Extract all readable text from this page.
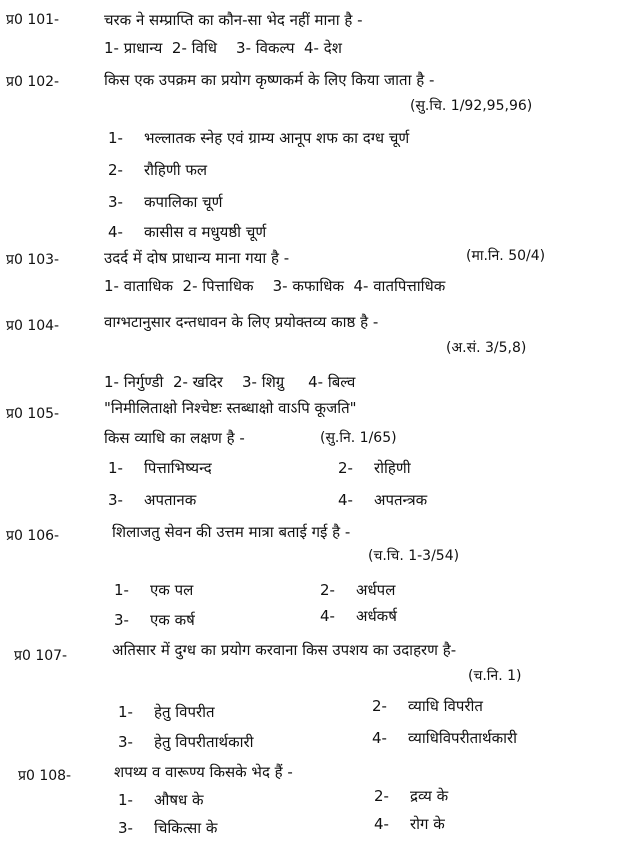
प्र0 101-	चरक ने सम्प्राप्ति का कौन-सा भेद नहीं माना है -
1- प्राधान्य  2- विधि    3- विकल्प  4- देश
प्र0 102-	किस एक उपक्रम का प्रयोग कृष्णकर्म के लिए किया जाता है -
(सु.चि. 1/92,95,96)
1- भल्लातक स्नेह एवं ग्राम्य आनूप शफ का दग्ध चूर्ण
2- रौहिणी फल
3- कपालिका चूर्ण
4- कासीस व मधुयष्ठी चूर्ण
प्र0 103-	उदर्द में दोष प्राधान्य माना गया है -	(मा.नि. 50/4)
1- वाताधिक  2- पित्ताधिक    3- कफाधिक  4- वातपित्ताधिक
प्र0 104-	वाग्भटानुसार दन्तधावन के लिए प्रयोक्तव्य काष्ठ है -
(अ.सं. 3/5,8)
1- निर्गुण्डी  2- खदिर    3- शिग्रु     4- बिल्व
प्र0 105-	"निमीलिताक्षो निश्चेष्टः स्तब्धाक्षो वाऽपि कूजति"
किस व्याधि का लक्षण है -	(सु.नि. 1/65)
1- पित्ताभिष्यन्द	2- रोहिणी
3- अपतानक	4- अपतन्त्रक
प्र0 106-	शिलाजतु सेवन की उत्तम मात्रा बताई गई है -
(च.चि. 1-3/54)
1- एक पल	2- अर्धपल
3- एक कर्ष	4- अर्धकर्ष
प्र0 107-	अतिसार में दुग्ध का प्रयोग करवाना किस उपशय का उदाहरण है-
(च.नि. 1)
1- हेतु विपरीत	2- व्याधि विपरीत
3- हेतु विपरीतार्थकारी	4- व्याधिविपरीतार्थकारी
प्र0 108-	शपथ्य व वारूण्य किसके भेद हैं -
1- औषध के	2- द्रव्य के
3- चिकित्सा के	4- रोग के
